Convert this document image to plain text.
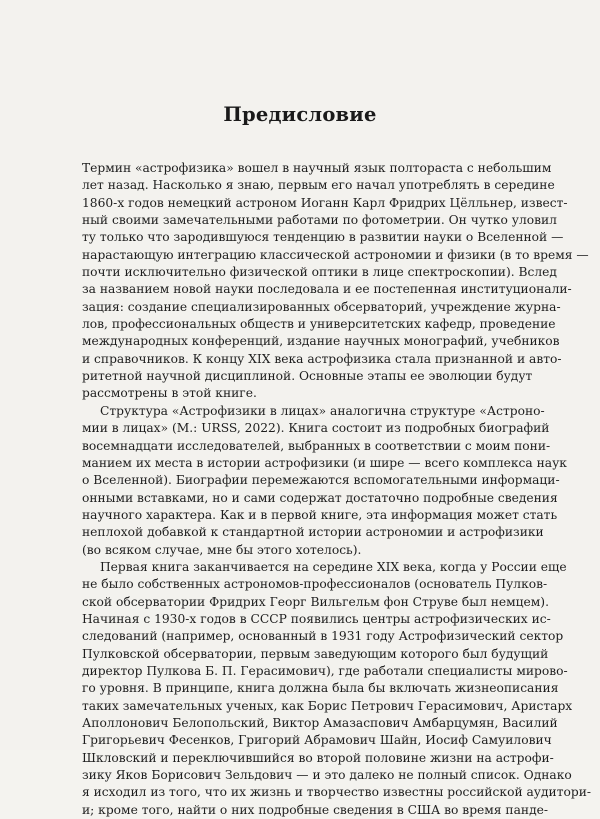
Предисловие
Термин «астрофизика» вошел в научный язык полтораста с небольшим
лет назад. Насколько я знаю, первым его начал употреблять в середине
1860-х годов немецкий астроном Иоганн Карл Фридрих Цёлльнер, извест-
ный своими замечательными работами по фотометрии. Он чутко уловил
ту только что зародившуюся тенденцию в развитии науки о Вселенной —
нарастающую интеграцию классической астрономии и физики (в то время —
почти исключительно физической оптики в лице спектроскопии). Вслед
за названием новой науки последовала и ее постепенная институционали-
зация: создание специализированных обсерваторий, учреждение журна-
лов, профессиональных обществ и университетских кафедр, проведение
международных конференций, издание научных монографий, учебников
и справочников. К концу XIX века астрофизика стала признанной и авто-
ритетной научной дисциплиной. Основные этапы ее эволюции будут
рассмотрены в этой книге.
Структура «Астрофизики в лицах» аналогична структуре «Астроно-
мии в лицах» (М.: URSS, 2022). Книга состоит из подробных биографий
восемнадцати исследователей, выбранных в соответствии с моим пони-
манием их места в истории астрофизики (и шире — всего комплекса наук
о Вселенной). Биографии перемежаются вспомогательными информаци-
онными вставками, но и сами содержат достаточно подробные сведения
научного характера. Как и в первой книге, эта информация может стать
неплохой добавкой к стандартной истории астрономии и астрофизики
(во всяком случае, мне бы этого хотелось).
Первая книга заканчивается на середине XIX века, когда у России еще
не было собственных астрономов-профессионалов (основатель Пулков-
ской обсерватории Фридрих Георг Вильгельм фон Струве был немцем).
Начиная с 1930-х годов в СССР появились центры астрофизических ис-
следований (например, основанный в 1931 году Астрофизический сектор
Пулковской обсерватории, первым заведующим которого был будущий
директор Пулкова Б. П. Герасимович), где работали специалисты мирово-
го уровня. В принципе, книга должна была бы включать жизнеописания
таких замечательных ученых, как Борис Петрович Герасимович, Аристарх
Аполлонович Белопольский, Виктор Амазаспович Амбарцумян, Василий
Григорьевич Фесенков, Григорий Абрамович Шайн, Иосиф Самуилович
Шкловский и переключившийся во второй половине жизни на астрофи-
зику Яков Борисович Зельдович — и это далеко не полный список. Однако
я исходил из того, что их жизнь и творчество известны российской аудитори-
и; кроме того, найти о них подробные сведения в США во время панде-
